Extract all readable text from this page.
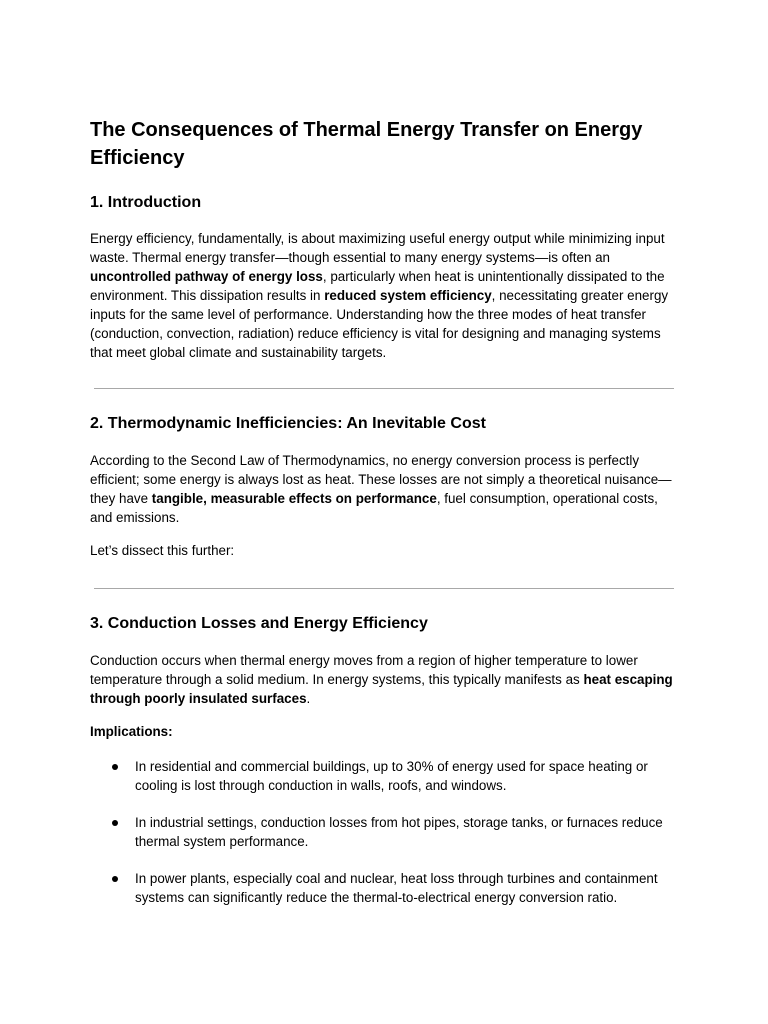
The Consequences of Thermal Energy Transfer on Energy Efficiency
1. Introduction

Energy efficiency, fundamentally, is about maximizing useful energy output while minimizing input waste. Thermal energy transfer—though essential to many energy systems—is often an uncontrolled pathway of energy loss, particularly when heat is unintentionally dissipated to the environment. This dissipation results in reduced system efficiency, necessitating greater energy inputs for the same level of performance. Understanding how the three modes of heat transfer (conduction, convection, radiation) reduce efficiency is vital for designing and managing systems that meet global climate and sustainability targets.

2. Thermodynamic Inefficiencies: An Inevitable Cost

According to the Second Law of Thermodynamics, no energy conversion process is perfectly efficient; some energy is always lost as heat. These losses are not simply a theoretical nuisance—they have tangible, measurable effects on performance, fuel consumption, operational costs, and emissions.

Let’s dissect this further:

3. Conduction Losses and Energy Efficiency

Conduction occurs when thermal energy moves from a region of higher temperature to lower temperature through a solid medium. In energy systems, this typically manifests as heat escaping through poorly insulated surfaces.

Implications:

In residential and commercial buildings, up to 30% of energy used for space heating or cooling is lost through conduction in walls, roofs, and windows.
In industrial settings, conduction losses from hot pipes, storage tanks, or furnaces reduce thermal system performance.
In power plants, especially coal and nuclear, heat loss through turbines and containment systems can significantly reduce the thermal-to-electrical energy conversion ratio.
